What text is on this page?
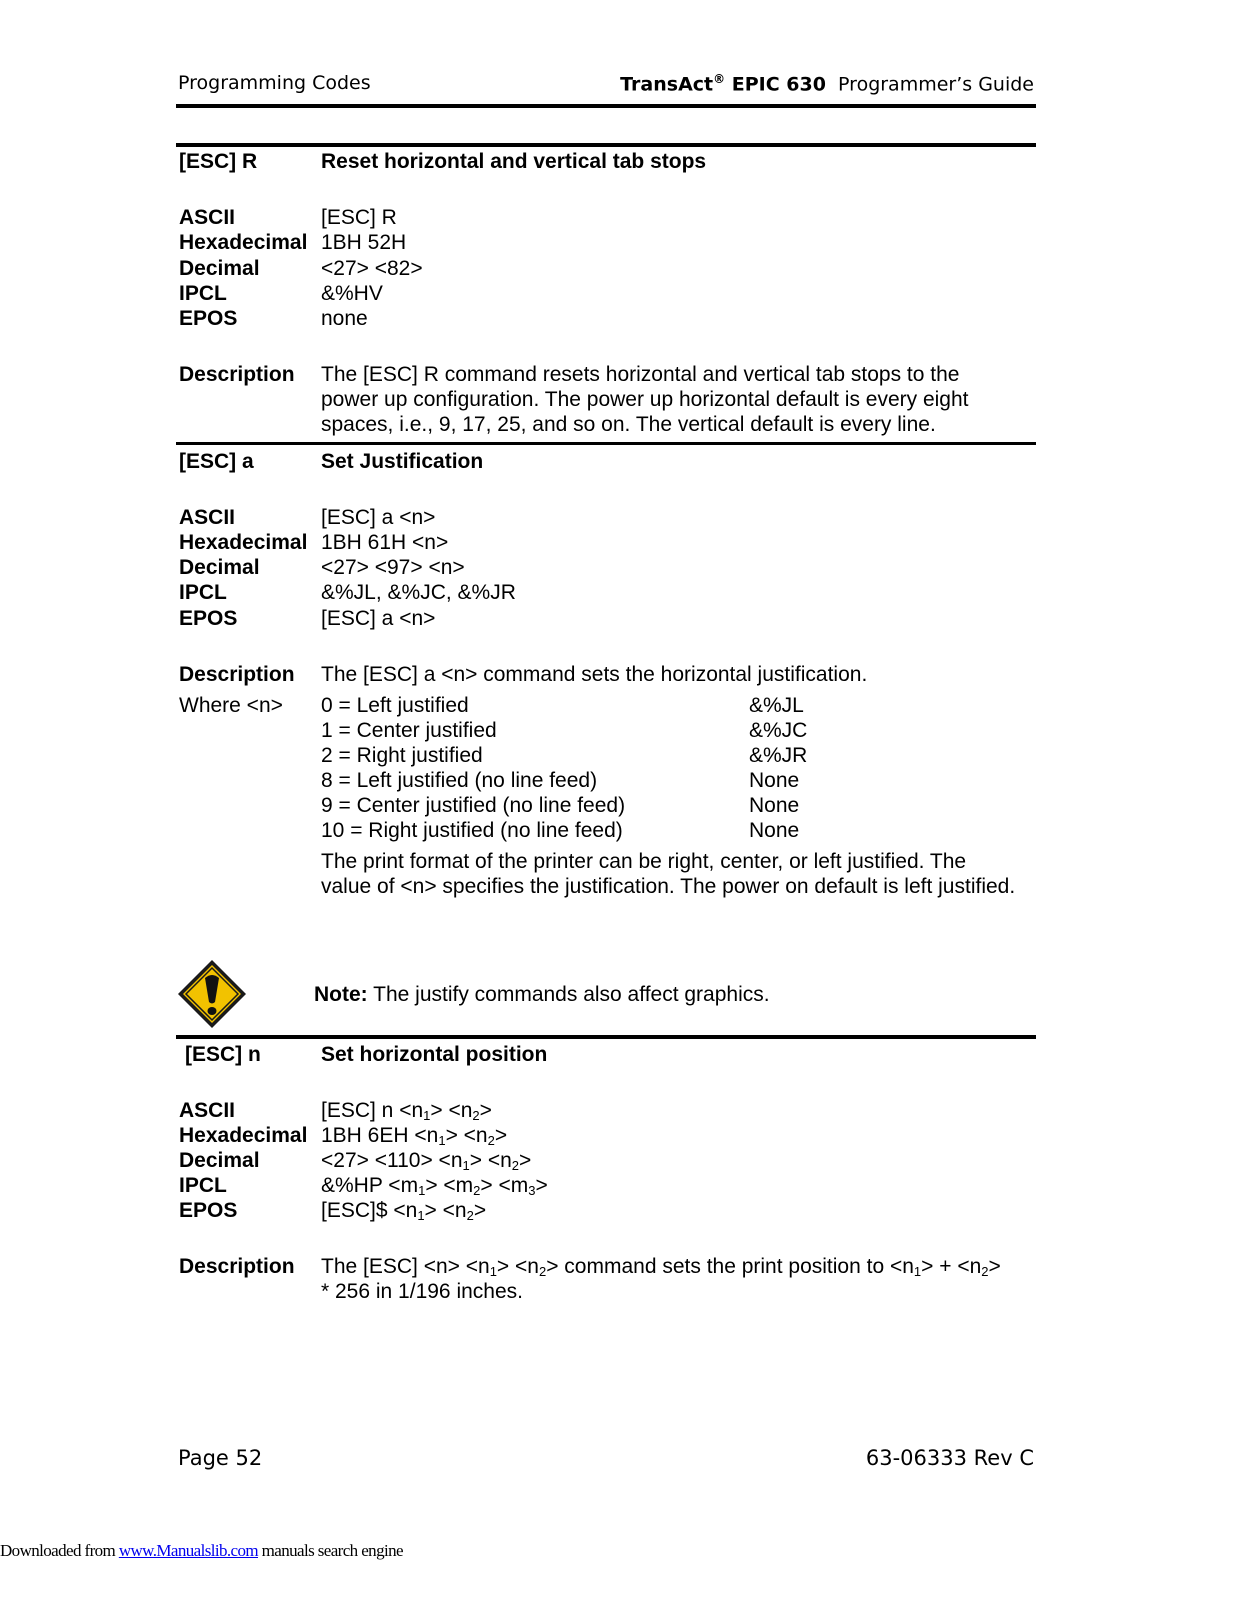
Programming Codes	TransAct® EPIC 630 Programmer’s Guide
[ESC] R	Reset horizontal and vertical tab stops
ASCII	[ESC] R
Hexadecimal 1BH 52H
Decimal	<27> <82>
IPCL	&%HV
EPOS	none
Description The [ESC] R command resets horizontal and vertical tab stops to the power up configuration. The power up horizontal default is every eight spaces, i.e., 9, 17, 25, and so on. The vertical default is every line.
[ESC] a	Set Justification
ASCII	[ESC] a <n>
Hexadecimal 1BH 61H <n>
Decimal	<27> <97> <n>
IPCL	&%JL, &%JC, &%JR
EPOS	[ESC] a <n>
Description The [ESC] a <n> command sets the horizontal justification.
Where <n> 0 = Left justified	&%JL
1 = Center justified	&%JC
2 = Right justified	&%JR
8 = Left justified (no line feed)	None
9 = Center justified (no line feed)	None
10 = Right justified (no line feed)	None
The print format of the printer can be right, center, or left justified. The value of <n> specifies the justification. The power on default is left justified.
Note: The justify commands also affect graphics.
[ESC] n	Set horizontal position
ASCII	[ESC] $n <n_1> <n_2>$
Hexadecimal 1BH $6EH <n_1> <n_2>$
Decimal	$<27> <110> <n_1> <n_2>$
IPCL	&%HP $<m_1> <m_2> <m_3>$
EPOS	[ESC]$ $<n_1> <n_2>$
Description The $[ESC] <n> <n_1> <n_2>$ command sets the print position to $<n_1> + <n_2>$
* 256 in 1/196 inches.
Page 52	63-06333 Rev C
Downloaded from www.Manualslib.com manuals search engine
